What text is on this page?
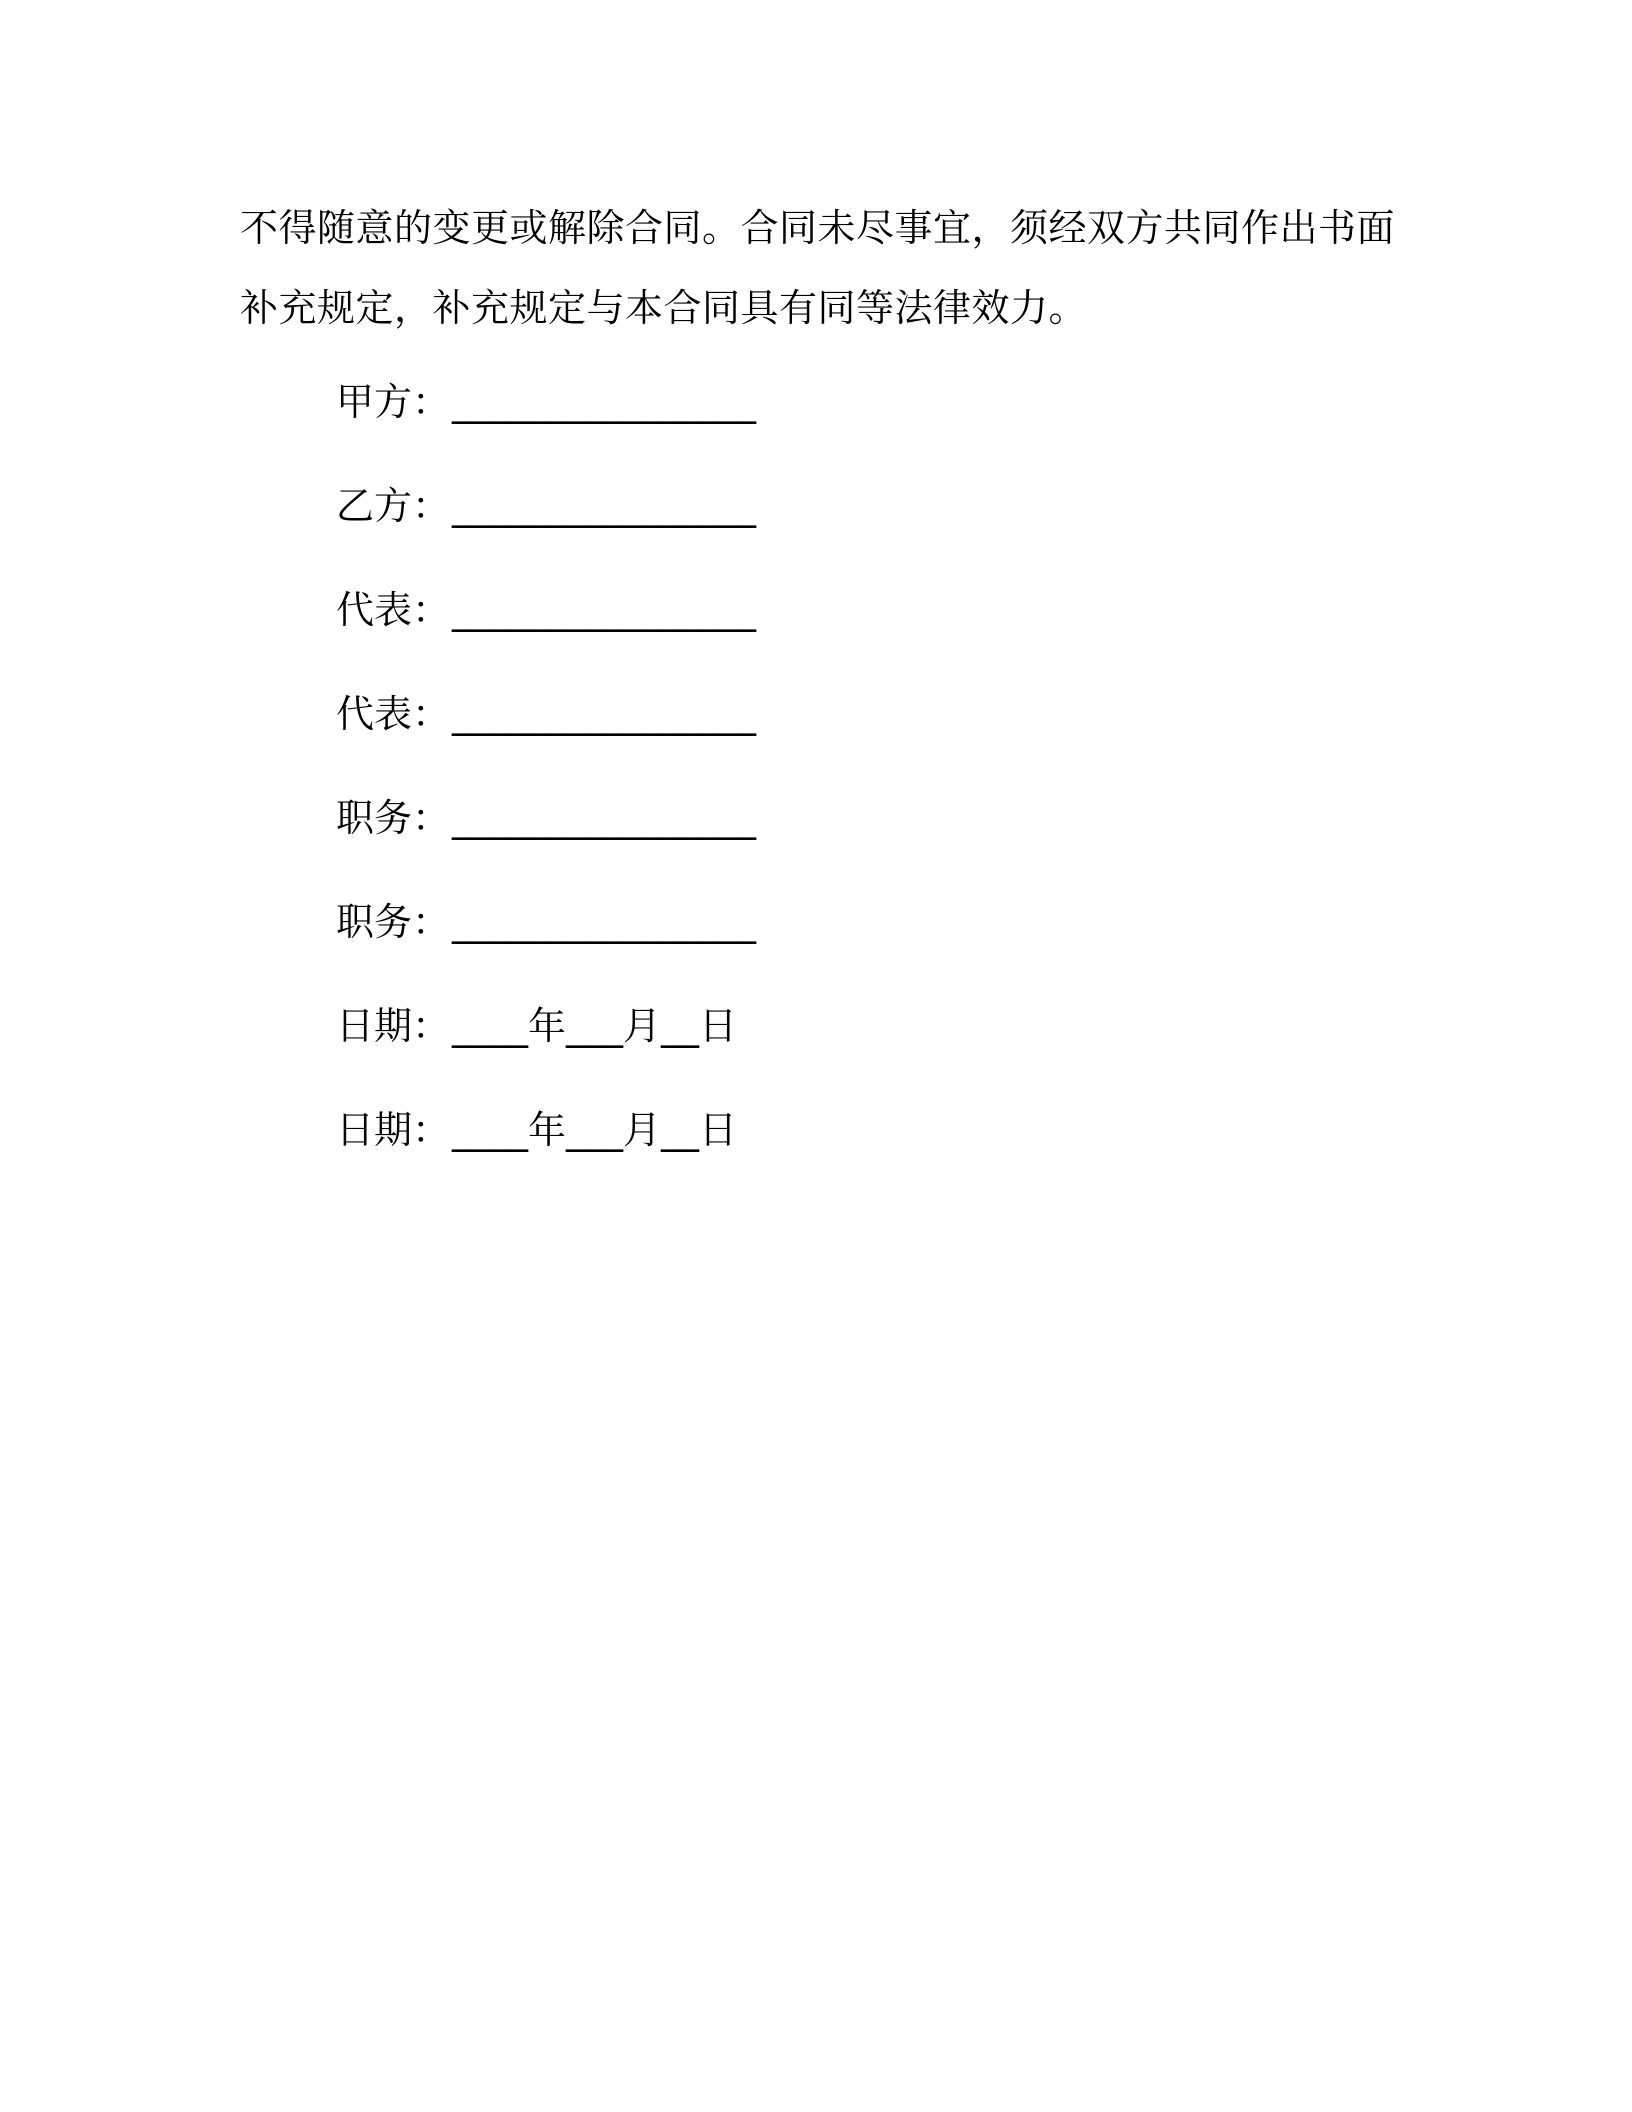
不得随意的变更或解除合同。合同未尽事宜，须经双方共同作出书面
补充规定，补充规定与本合同具有同等法律效力。
甲方：________________
乙方：________________
代表：________________
代表：________________
职务：________________
职务：________________
日期：____年___月__日
日期：____年___月__日
